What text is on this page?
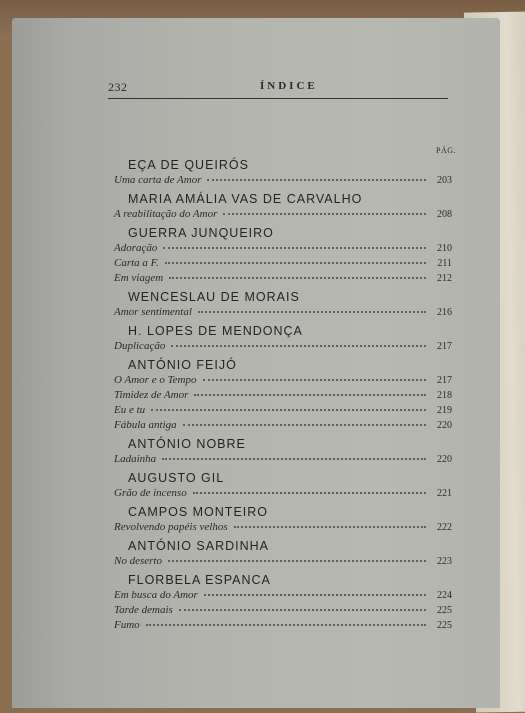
232	ÍNDICE
PÁG.
EÇA DE QUEIRÓS
Uma carta de Amor	203
MARIA AMÁLIA VAS DE CARVALHO
A reabilitação do Amor	208
GUERRA JUNQUEIRO
Adoração	210
Carta a F.	211
Em viagem	212
WENCESLAU DE MORAIS
Amor sentimental	216
H. LOPES DE MENDONÇA
Duplicação	217
ANTÓNIO FEIJÓ
O Amor e o Tempo	217
Timidez de Amor	218
Eu e tu	219
Fábula antiga	220
ANTÓNIO NOBRE
Ladainha	220
AUGUSTO GIL
Grão de incenso	221
CAMPOS MONTEIRO
Revolvendo papéis velhos	222
ANTÓNIO SARDINHA
No deserto	223
FLORBELA ESPANCA
Em busca do Amor	224
Tarde demais	225
Fumo	225
